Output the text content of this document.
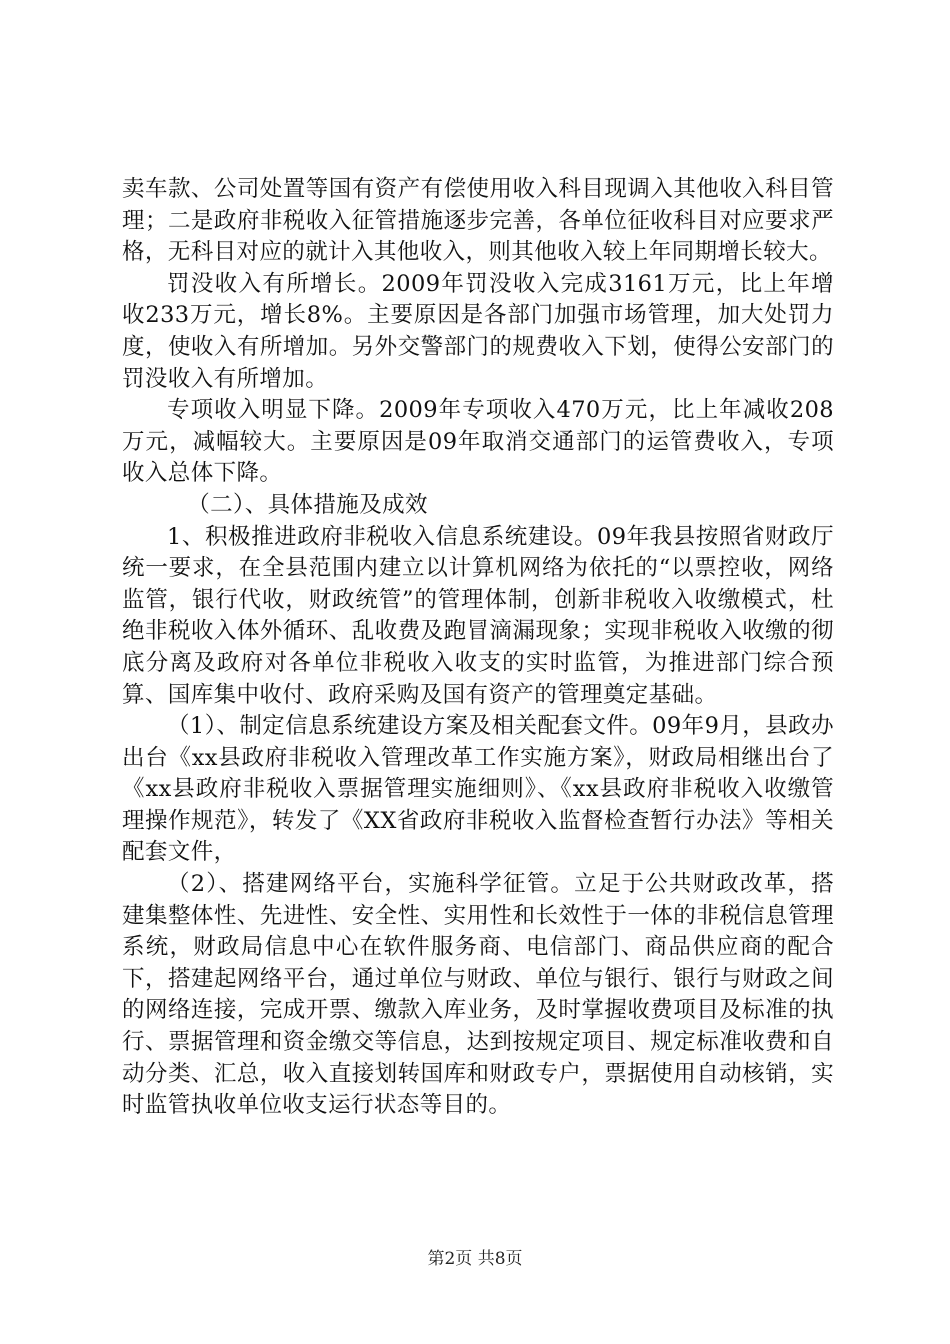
卖车款、公司处置等国有资产有偿使用收入科目现调入其他收入科目管理；二是政府非税收入征管措施逐步完善，各单位征收科目对应要求严格，无科目对应的就计入其他收入，则其他收入较上年同期增长较大。

罚没收入有所增长。2009年罚没收入完成3161万元，比上年增收233万元，增长8%。主要原因是各部门加强市场管理，加大处罚力度，使收入有所增加。另外交警部门的规费收入下划，使得公安部门的罚没收入有所增加。

专项收入明显下降。2009年专项收入470万元，比上年减收208万元，减幅较大。主要原因是09年取消交通部门的运管费收入，专项收入总体下降。

（二）、具体措施及成效

1、积极推进政府非税收入信息系统建设。09年我县按照省财政厅统一要求，在全县范围内建立以计算机网络为依托的“以票控收，网络监管，银行代收，财政统管”的管理体制，创新非税收入收缴模式，杜绝非税收入体外循环、乱收费及跑冒滴漏现象；实现非税收入收缴的彻底分离及政府对各单位非税收入收支的实时监管，为推进部门综合预算、国库集中收付、政府采购及国有资产的管理奠定基础。

（1）、制定信息系统建设方案及相关配套文件。09年9月，县政办出台《xx县政府非税收入管理改革工作实施方案》，财政局相继出台了《xx县政府非税收入票据管理实施细则》、《xx县政府非税收入收缴管理操作规范》，转发了《XX省政府非税收入监督检查暂行办法》等相关配套文件，

（2）、搭建网络平台，实施科学征管。立足于公共财政改革，搭建集整体性、先进性、安全性、实用性和长效性于一体的非税信息管理系统，财政局信息中心在软件服务商、电信部门、商品供应商的配合下，搭建起网络平台，通过单位与财政、单位与银行、银行与财政之间的网络连接，完成开票、缴款入库业务，及时掌握收费项目及标准的执行、票据管理和资金缴交等信息，达到按规定项目、规定标准收费和自动分类、汇总，收入直接划转国库和财政专户，票据使用自动核销，实时监管执收单位收支运行状态等目的。

第2页 共8页
